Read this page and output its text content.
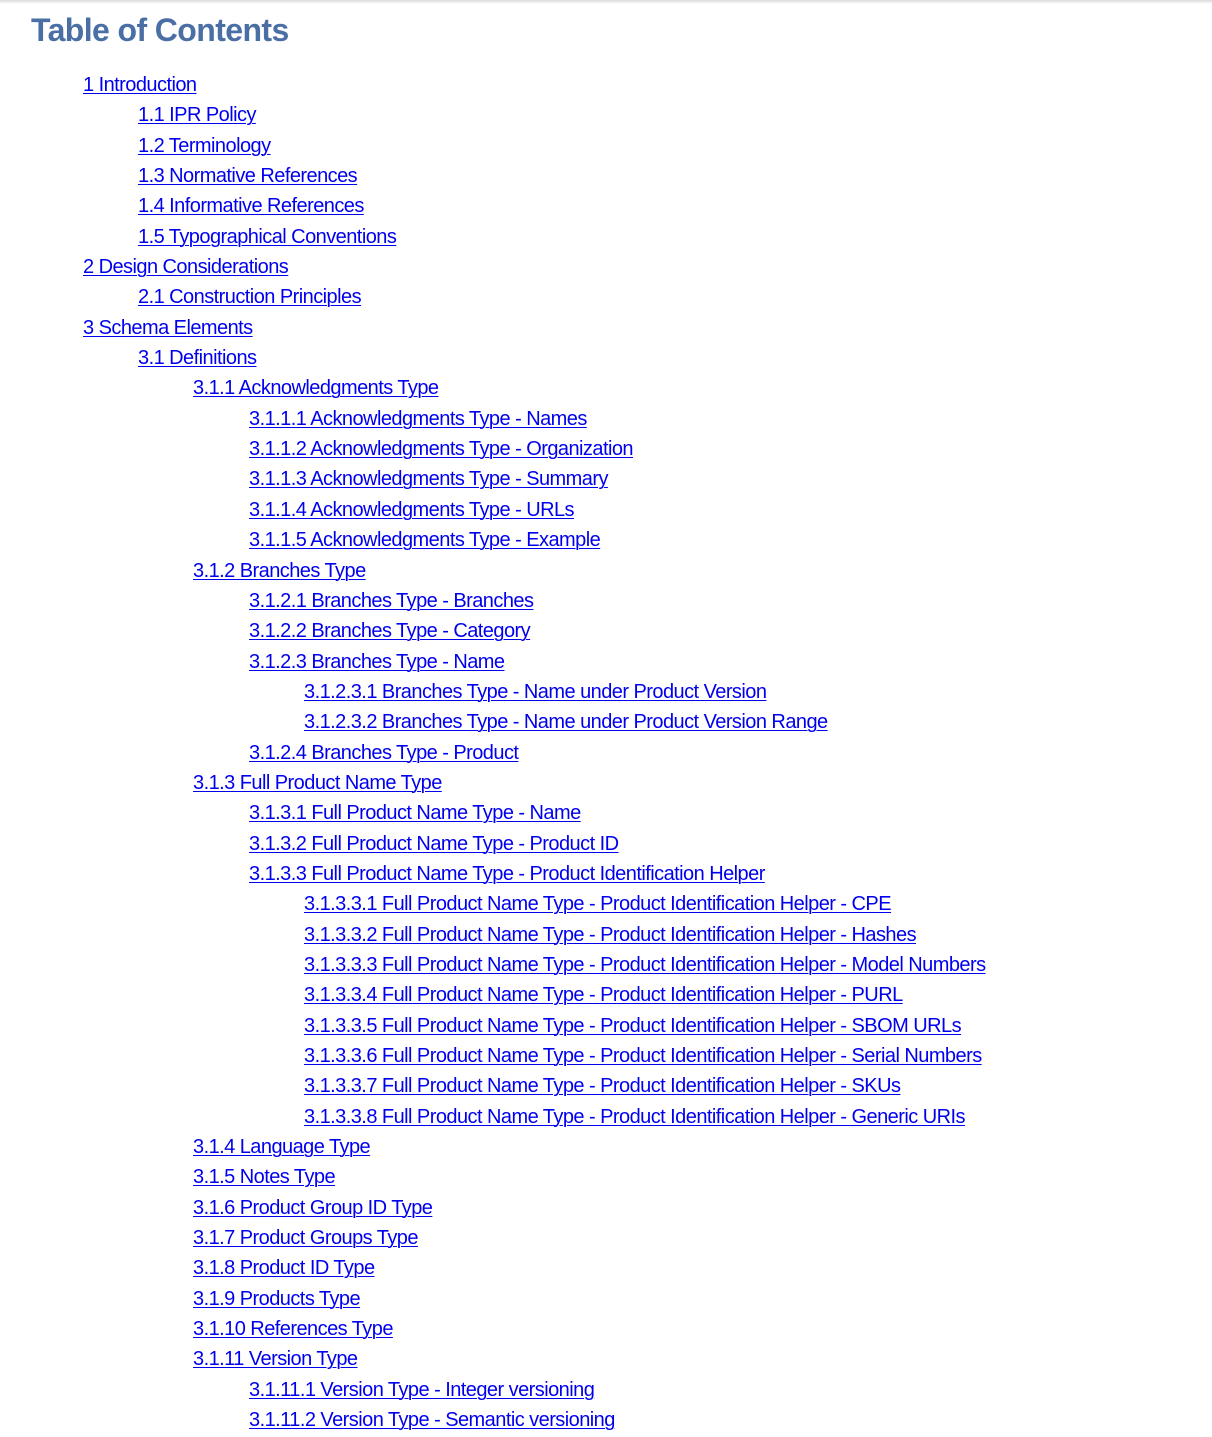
Table of Contents
1 Introduction
1.1 IPR Policy
1.2 Terminology
1.3 Normative References
1.4 Informative References
1.5 Typographical Conventions
2 Design Considerations
2.1 Construction Principles
3 Schema Elements
3.1 Definitions
3.1.1 Acknowledgments Type
3.1.1.1 Acknowledgments Type - Names
3.1.1.2 Acknowledgments Type - Organization
3.1.1.3 Acknowledgments Type - Summary
3.1.1.4 Acknowledgments Type - URLs
3.1.1.5 Acknowledgments Type - Example
3.1.2 Branches Type
3.1.2.1 Branches Type - Branches
3.1.2.2 Branches Type - Category
3.1.2.3 Branches Type - Name
3.1.2.3.1 Branches Type - Name under Product Version
3.1.2.3.2 Branches Type - Name under Product Version Range
3.1.2.4 Branches Type - Product
3.1.3 Full Product Name Type
3.1.3.1 Full Product Name Type - Name
3.1.3.2 Full Product Name Type - Product ID
3.1.3.3 Full Product Name Type - Product Identification Helper
3.1.3.3.1 Full Product Name Type - Product Identification Helper - CPE
3.1.3.3.2 Full Product Name Type - Product Identification Helper - Hashes
3.1.3.3.3 Full Product Name Type - Product Identification Helper - Model Numbers
3.1.3.3.4 Full Product Name Type - Product Identification Helper - PURL
3.1.3.3.5 Full Product Name Type - Product Identification Helper - SBOM URLs
3.1.3.3.6 Full Product Name Type - Product Identification Helper - Serial Numbers
3.1.3.3.7 Full Product Name Type - Product Identification Helper - SKUs
3.1.3.3.8 Full Product Name Type - Product Identification Helper - Generic URIs
3.1.4 Language Type
3.1.5 Notes Type
3.1.6 Product Group ID Type
3.1.7 Product Groups Type
3.1.8 Product ID Type
3.1.9 Products Type
3.1.10 References Type
3.1.11 Version Type
3.1.11.1 Version Type - Integer versioning
3.1.11.2 Version Type - Semantic versioning
